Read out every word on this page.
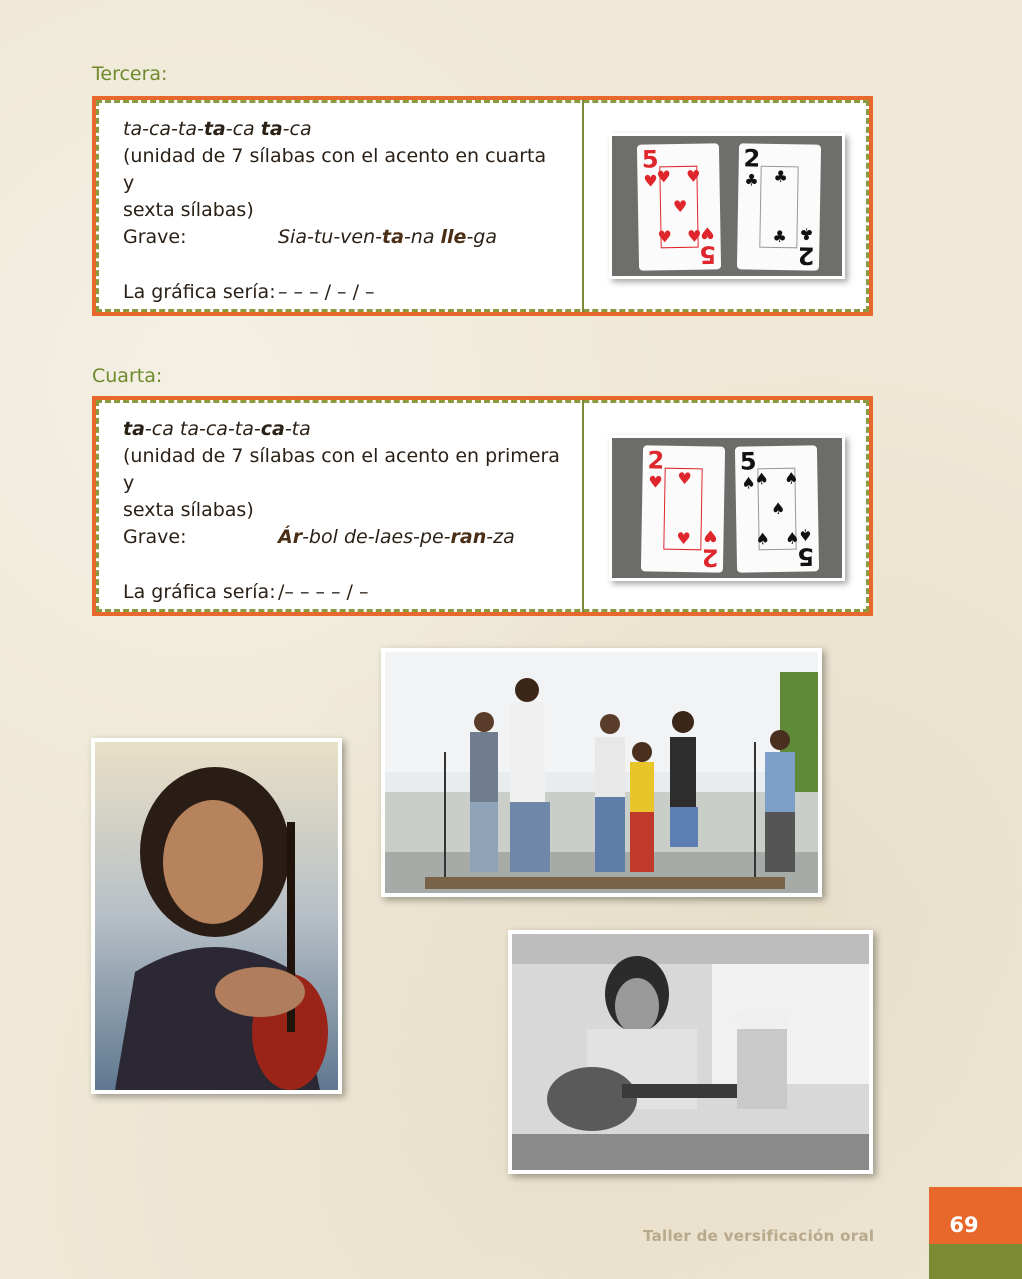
Tercera:
ta-ca-ta-ta-ca ta-ca
(unidad de 7 sílabas con el acento en cuarta y
sexta sílabas)
Grave:	Sia-tu-ven-ta-na lle-ga
La gráfica sería: – – – / – / –
5
♥
♥ ♥
♥
♥ ♥
5
♥
2
♣ ♣
♣
2
♣
Cuarta:
ta-ca ta-ca-ta-ca-ta
(unidad de 7 sílabas con el acento en primera y
sexta sílabas)
Grave:	Ár-bol de-laes-pe-ran-za
La gráfica sería: /– – – – / –
2
♥ ♥
♥
2
♥
5
♠
♠ ♠
♠
♠ ♠
5
♠
Taller de versificación oral	69
